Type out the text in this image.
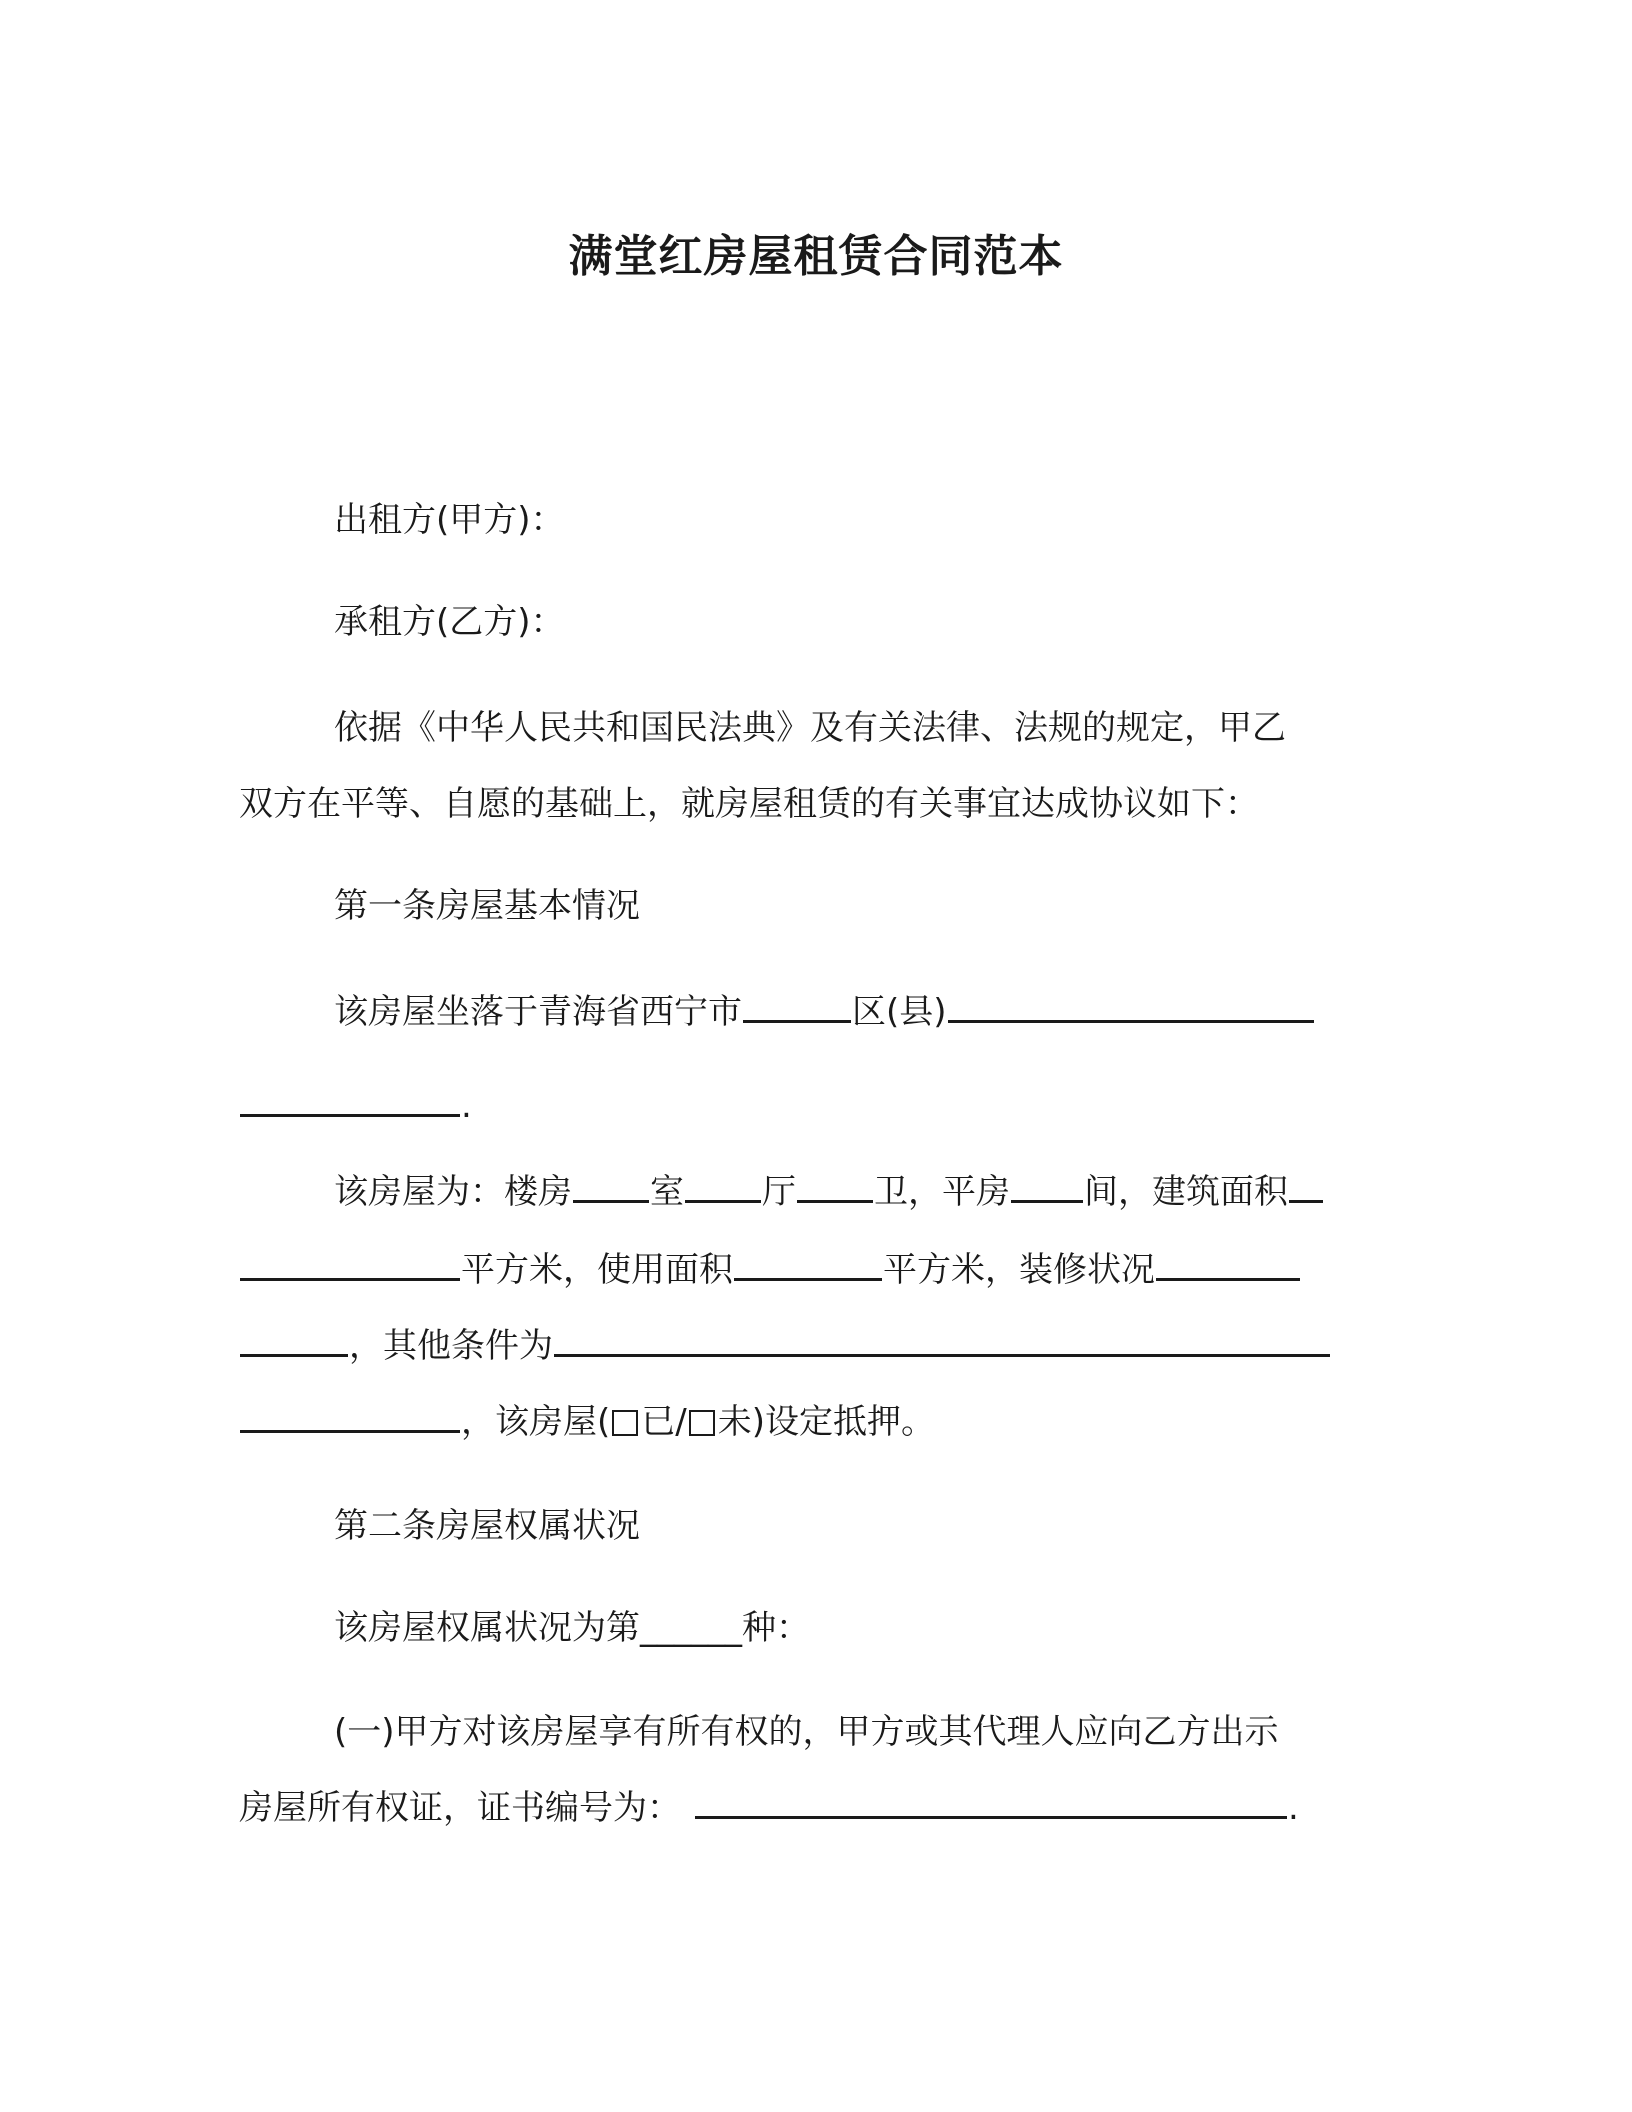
满堂红房屋租赁合同范本
出租方(甲方)：
承租方(乙方)：
依据《中华人民共和国民法典》及有关法律、法规的规定，甲乙
双方在平等、自愿的基础上，就房屋租赁的有关事宜达成协议如下：
第一条房屋基本情况
该房屋坐落于青海省西宁市	区(县)
.
该房屋为：楼房 室 厅 卫，平房 间，建筑面积
平方米，使用面积	平方米，装修状况
，其他条件为
，该房屋( 已/ 未)设定抵押。
第二条房屋权属状况
该房屋权属状况为第______种：
(一)甲方对该房屋享有所有权的，甲方或其代理人应向乙方出示
房屋所有权证，证书编号为：	.
